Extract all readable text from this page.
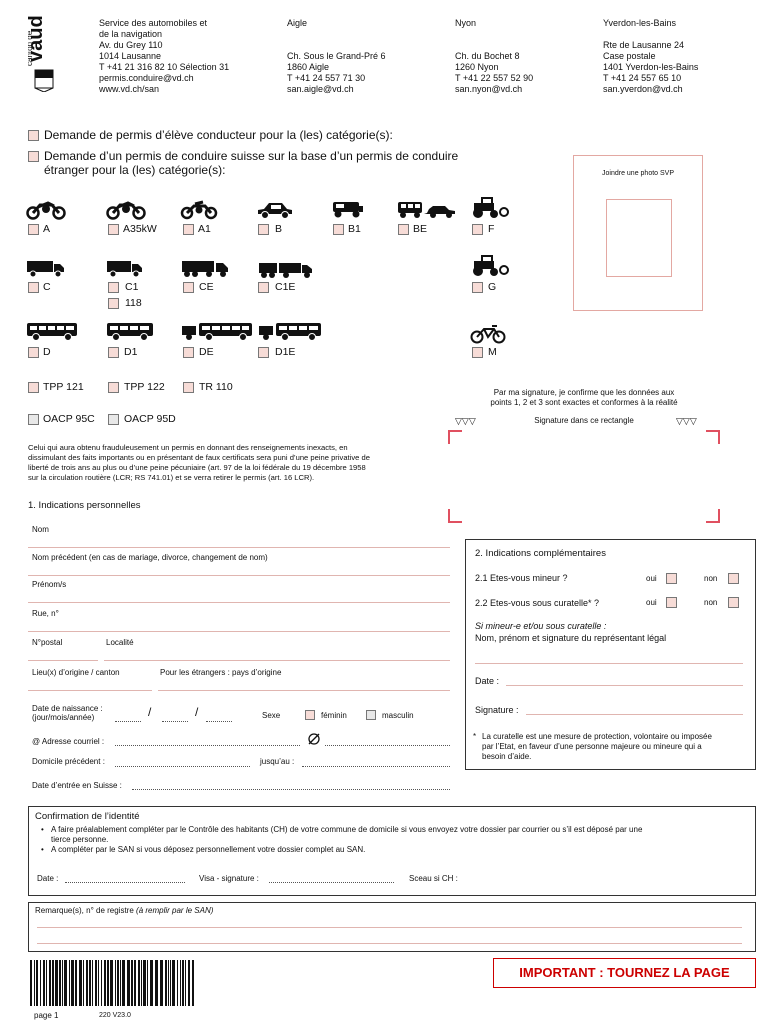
vaud
canton de
Service des automobiles et
de la navigation
Av. du Grey 110
1014 Lausanne
T +41 21 316 82 10 Sélection 31
permis.conduire@vd.ch
www.vd.ch/san
Aigle
Ch. Sous le Grand-Pré 6
1860 Aigle
T +41 24 557 71 30
san.aigle@vd.ch
Nyon
Ch. du Bochet 8
1260 Nyon
T +41 22 557 52 90
san.nyon@vd.ch
Yverdon-les-Bains
Rte de Lausanne 24
Case postale
1401 Yverdon-les-Bains
T +41 24 557 65 10
san.yverdon@vd.ch
Demande de permis d’élève conducteur pour la (les) catégorie(s):
Demande d’un permis de conduire suisse sur la base d’un permis de conduire
étranger pour la (les) catégorie(s):	Joindre une photo SVP
A	A35kW	A1	B	B1	BE	F
C	C1
118
CE	C1E	G
D	D1	DE	D1E	M
TPP 121	TPP 122	TR 110
OACP 95C	OACP 95D
Par ma signature, je confirme que les données aux
points 1, 2 et 3 sont exactes et conformes à la réalité
▽▽▽	Signature dans ce rectangle	▽▽▽
Celui qui aura obtenu frauduleusement un permis en donnant des renseignements inexacts, en
dissimulant des faits importants ou en présentant de faux certificats sera puni d’une peine privative de
liberté de trois ans au plus ou d’une peine pécuniaire (art. 97 de la loi fédérale du 19 décembre 1958
sur la circulation routière (LCR; RS 741.01) et se verra retirer le permis (art. 16 LCR).
1. Indications personnelles
Nom
Nom précédent (en cas de mariage, divorce, changement de nom)
Prénom/s
Rue, n°
N°postal	Localité
Lieu(x) d’origine / canton	Pour les étrangers : pays d’origine
Date de naissance :
(jour/mois/année)	/	/	Sexe	féminin	masculin
@ Adresse courriel :
Domicile précédent :	jusqu’au :
Date d’entrée en Suisse :
2. Indications complémentaires
2.1 Etes-vous mineur ?	oui	non
2.2 Etes-vous sous curatelle* ?	oui	non
Si mineur-e et/ou sous curatelle :
Nom, prénom et signature du représentant légal
Date :
Signature :
* La curatelle est une mesure de protection, volontaire ou imposée
par l’Etat, en faveur d’une personne majeure ou mineure qui a
besoin d’aide.
Confirmation de l’identité
• A faire préalablement compléter par le Contrôle des habitants (CH) de votre commune de domicile si vous envoyez votre dossier par courrier ou s’il est déposé par une
tierce personne.
• A compléter par le SAN si vous déposez personnellement votre dossier complet au SAN.
Date :	Visa - signature :	Sceau si CH :
Remarque(s), n° de registre (à remplir par le SAN)
IMPORTANT : TOURNEZ LA PAGE
page 1	220 V23.0
